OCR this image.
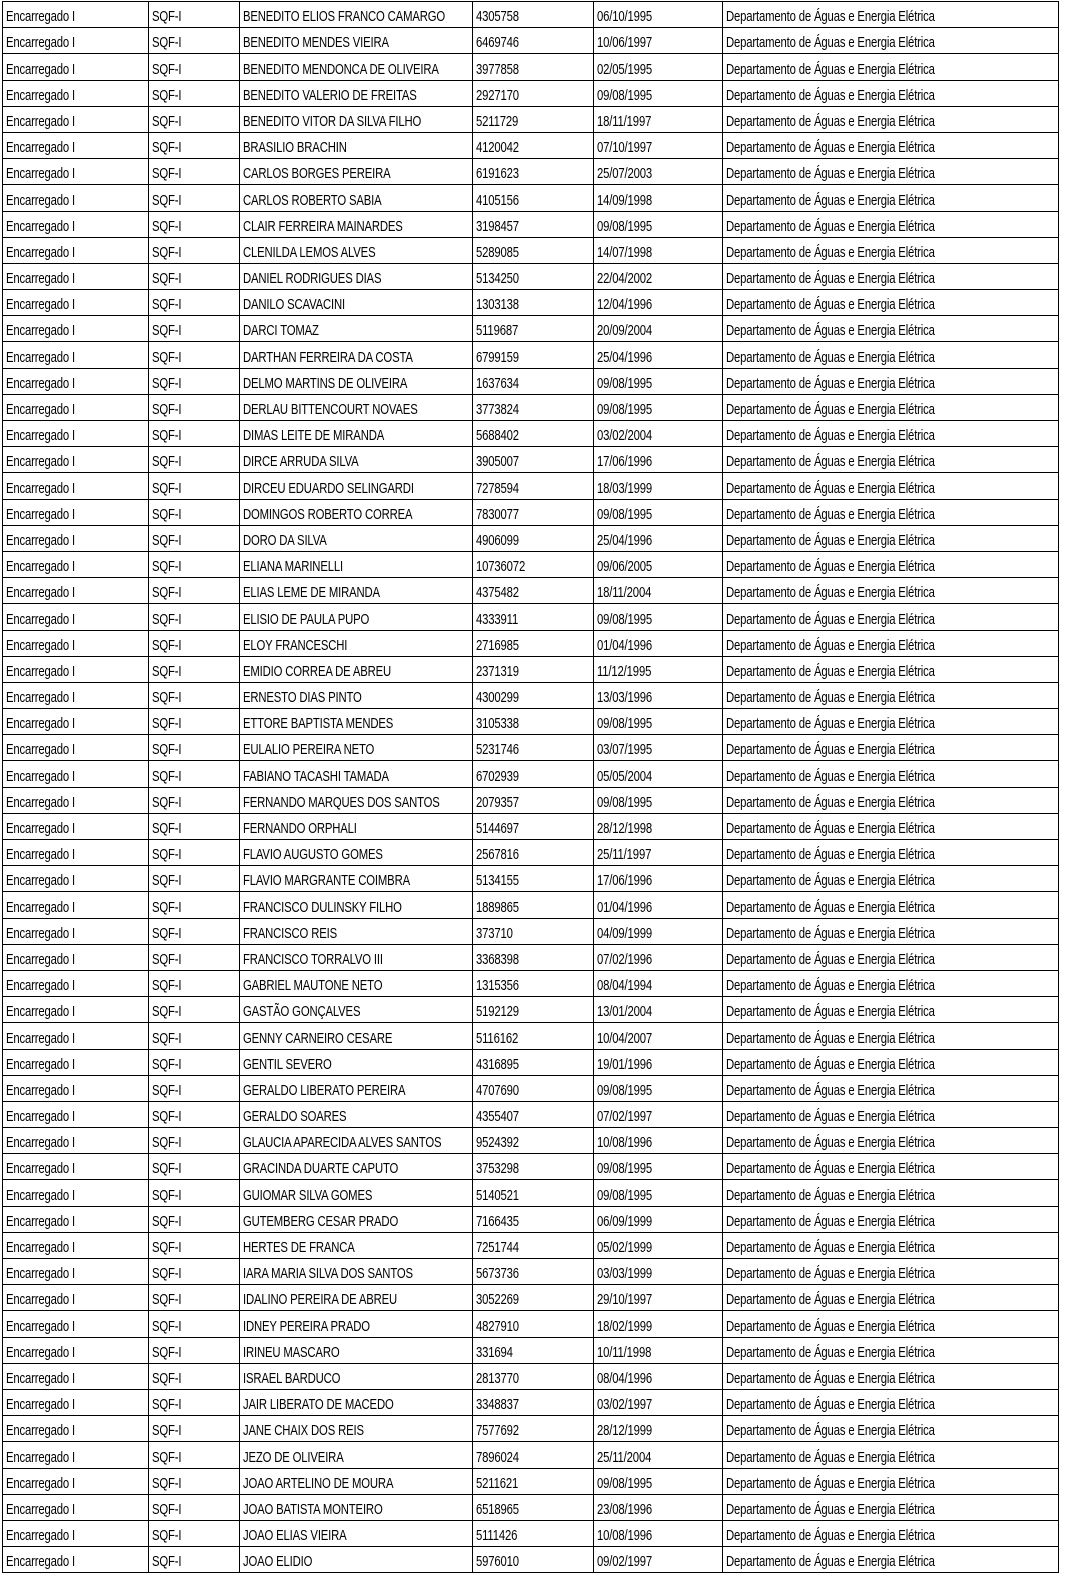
Encarregado I	SQF-I	BENEDITO ELIOS FRANCO CAMARGO	4305758	06/10/1995	Departamento de Águas e Energia Elétrica
Encarregado I	SQF-I	BENEDITO MENDES VIEIRA	6469746	10/06/1997	Departamento de Águas e Energia Elétrica
Encarregado I	SQF-I	BENEDITO MENDONCA DE OLIVEIRA	3977858	02/05/1995	Departamento de Águas e Energia Elétrica
Encarregado I	SQF-I	BENEDITO VALERIO DE FREITAS	2927170	09/08/1995	Departamento de Águas e Energia Elétrica
Encarregado I	SQF-I	BENEDITO VITOR DA SILVA FILHO	5211729	18/11/1997	Departamento de Águas e Energia Elétrica
Encarregado I	SQF-I	BRASILIO BRACHIN	4120042	07/10/1997	Departamento de Águas e Energia Elétrica
Encarregado I	SQF-I	CARLOS BORGES PEREIRA	6191623	25/07/2003	Departamento de Águas e Energia Elétrica
Encarregado I	SQF-I	CARLOS ROBERTO SABIA	4105156	14/09/1998	Departamento de Águas e Energia Elétrica
Encarregado I	SQF-I	CLAIR FERREIRA MAINARDES	3198457	09/08/1995	Departamento de Águas e Energia Elétrica
Encarregado I	SQF-I	CLENILDA LEMOS ALVES	5289085	14/07/1998	Departamento de Águas e Energia Elétrica
Encarregado I	SQF-I	DANIEL RODRIGUES DIAS	5134250	22/04/2002	Departamento de Águas e Energia Elétrica
Encarregado I	SQF-I	DANILO SCAVACINI	1303138	12/04/1996	Departamento de Águas e Energia Elétrica
Encarregado I	SQF-I	DARCI TOMAZ	5119687	20/09/2004	Departamento de Águas e Energia Elétrica
Encarregado I	SQF-I	DARTHAN FERREIRA DA COSTA	6799159	25/04/1996	Departamento de Águas e Energia Elétrica
Encarregado I	SQF-I	DELMO MARTINS DE OLIVEIRA	1637634	09/08/1995	Departamento de Águas e Energia Elétrica
Encarregado I	SQF-I	DERLAU BITTENCOURT NOVAES	3773824	09/08/1995	Departamento de Águas e Energia Elétrica
Encarregado I	SQF-I	DIMAS LEITE DE MIRANDA	5688402	03/02/2004	Departamento de Águas e Energia Elétrica
Encarregado I	SQF-I	DIRCE ARRUDA SILVA	3905007	17/06/1996	Departamento de Águas e Energia Elétrica
Encarregado I	SQF-I	DIRCEU EDUARDO SELINGARDI	7278594	18/03/1999	Departamento de Águas e Energia Elétrica
Encarregado I	SQF-I	DOMINGOS ROBERTO CORREA	7830077	09/08/1995	Departamento de Águas e Energia Elétrica
Encarregado I	SQF-I	DORO DA SILVA	4906099	25/04/1996	Departamento de Águas e Energia Elétrica
Encarregado I	SQF-I	ELIANA MARINELLI	10736072	09/06/2005	Departamento de Águas e Energia Elétrica
Encarregado I	SQF-I	ELIAS LEME DE MIRANDA	4375482	18/11/2004	Departamento de Águas e Energia Elétrica
Encarregado I	SQF-I	ELISIO DE PAULA PUPO	4333911	09/08/1995	Departamento de Águas e Energia Elétrica
Encarregado I	SQF-I	ELOY FRANCESCHI	2716985	01/04/1996	Departamento de Águas e Energia Elétrica
Encarregado I	SQF-I	EMIDIO CORREA DE ABREU	2371319	11/12/1995	Departamento de Águas e Energia Elétrica
Encarregado I	SQF-I	ERNESTO DIAS PINTO	4300299	13/03/1996	Departamento de Águas e Energia Elétrica
Encarregado I	SQF-I	ETTORE BAPTISTA MENDES	3105338	09/08/1995	Departamento de Águas e Energia Elétrica
Encarregado I	SQF-I	EULALIO PEREIRA NETO	5231746	03/07/1995	Departamento de Águas e Energia Elétrica
Encarregado I	SQF-I	FABIANO TACASHI TAMADA	6702939	05/05/2004	Departamento de Águas e Energia Elétrica
Encarregado I	SQF-I	FERNANDO MARQUES DOS SANTOS	2079357	09/08/1995	Departamento de Águas e Energia Elétrica
Encarregado I	SQF-I	FERNANDO ORPHALI	5144697	28/12/1998	Departamento de Águas e Energia Elétrica
Encarregado I	SQF-I	FLAVIO AUGUSTO GOMES	2567816	25/11/1997	Departamento de Águas e Energia Elétrica
Encarregado I	SQF-I	FLAVIO MARGRANTE COIMBRA	5134155	17/06/1996	Departamento de Águas e Energia Elétrica
Encarregado I	SQF-I	FRANCISCO DULINSKY FILHO	1889865	01/04/1996	Departamento de Águas e Energia Elétrica
Encarregado I	SQF-I	FRANCISCO REIS	373710	04/09/1999	Departamento de Águas e Energia Elétrica
Encarregado I	SQF-I	FRANCISCO TORRALVO III	3368398	07/02/1996	Departamento de Águas e Energia Elétrica
Encarregado I	SQF-I	GABRIEL MAUTONE NETO	1315356	08/04/1994	Departamento de Águas e Energia Elétrica
Encarregado I	SQF-I	GASTÃO GONÇALVES	5192129	13/01/2004	Departamento de Águas e Energia Elétrica
Encarregado I	SQF-I	GENNY CARNEIRO CESARE	5116162	10/04/2007	Departamento de Águas e Energia Elétrica
Encarregado I	SQF-I	GENTIL SEVERO	4316895	19/01/1996	Departamento de Águas e Energia Elétrica
Encarregado I	SQF-I	GERALDO LIBERATO PEREIRA	4707690	09/08/1995	Departamento de Águas e Energia Elétrica
Encarregado I	SQF-I	GERALDO SOARES	4355407	07/02/1997	Departamento de Águas e Energia Elétrica
Encarregado I	SQF-I	GLAUCIA APARECIDA ALVES SANTOS	9524392	10/08/1996	Departamento de Águas e Energia Elétrica
Encarregado I	SQF-I	GRACINDA DUARTE CAPUTO	3753298	09/08/1995	Departamento de Águas e Energia Elétrica
Encarregado I	SQF-I	GUIOMAR SILVA GOMES	5140521	09/08/1995	Departamento de Águas e Energia Elétrica
Encarregado I	SQF-I	GUTEMBERG CESAR PRADO	7166435	06/09/1999	Departamento de Águas e Energia Elétrica
Encarregado I	SQF-I	HERTES DE FRANCA	7251744	05/02/1999	Departamento de Águas e Energia Elétrica
Encarregado I	SQF-I	IARA MARIA SILVA DOS SANTOS	5673736	03/03/1999	Departamento de Águas e Energia Elétrica
Encarregado I	SQF-I	IDALINO PEREIRA DE ABREU	3052269	29/10/1997	Departamento de Águas e Energia Elétrica
Encarregado I	SQF-I	IDNEY PEREIRA PRADO	4827910	18/02/1999	Departamento de Águas e Energia Elétrica
Encarregado I	SQF-I	IRINEU MASCARO	331694	10/11/1998	Departamento de Águas e Energia Elétrica
Encarregado I	SQF-I	ISRAEL BARDUCO	2813770	08/04/1996	Departamento de Águas e Energia Elétrica
Encarregado I	SQF-I	JAIR LIBERATO DE MACEDO	3348837	03/02/1997	Departamento de Águas e Energia Elétrica
Encarregado I	SQF-I	JANE CHAIX DOS REIS	7577692	28/12/1999	Departamento de Águas e Energia Elétrica
Encarregado I	SQF-I	JEZO DE OLIVEIRA	7896024	25/11/2004	Departamento de Águas e Energia Elétrica
Encarregado I	SQF-I	JOAO ARTELINO DE MOURA	5211621	09/08/1995	Departamento de Águas e Energia Elétrica
Encarregado I	SQF-I	JOAO BATISTA MONTEIRO	6518965	23/08/1996	Departamento de Águas e Energia Elétrica
Encarregado I	SQF-I	JOAO ELIAS VIEIRA	5111426	10/08/1996	Departamento de Águas e Energia Elétrica
Encarregado I	SQF-I	JOAO ELIDIO	5976010	09/02/1997	Departamento de Águas e Energia Elétrica
